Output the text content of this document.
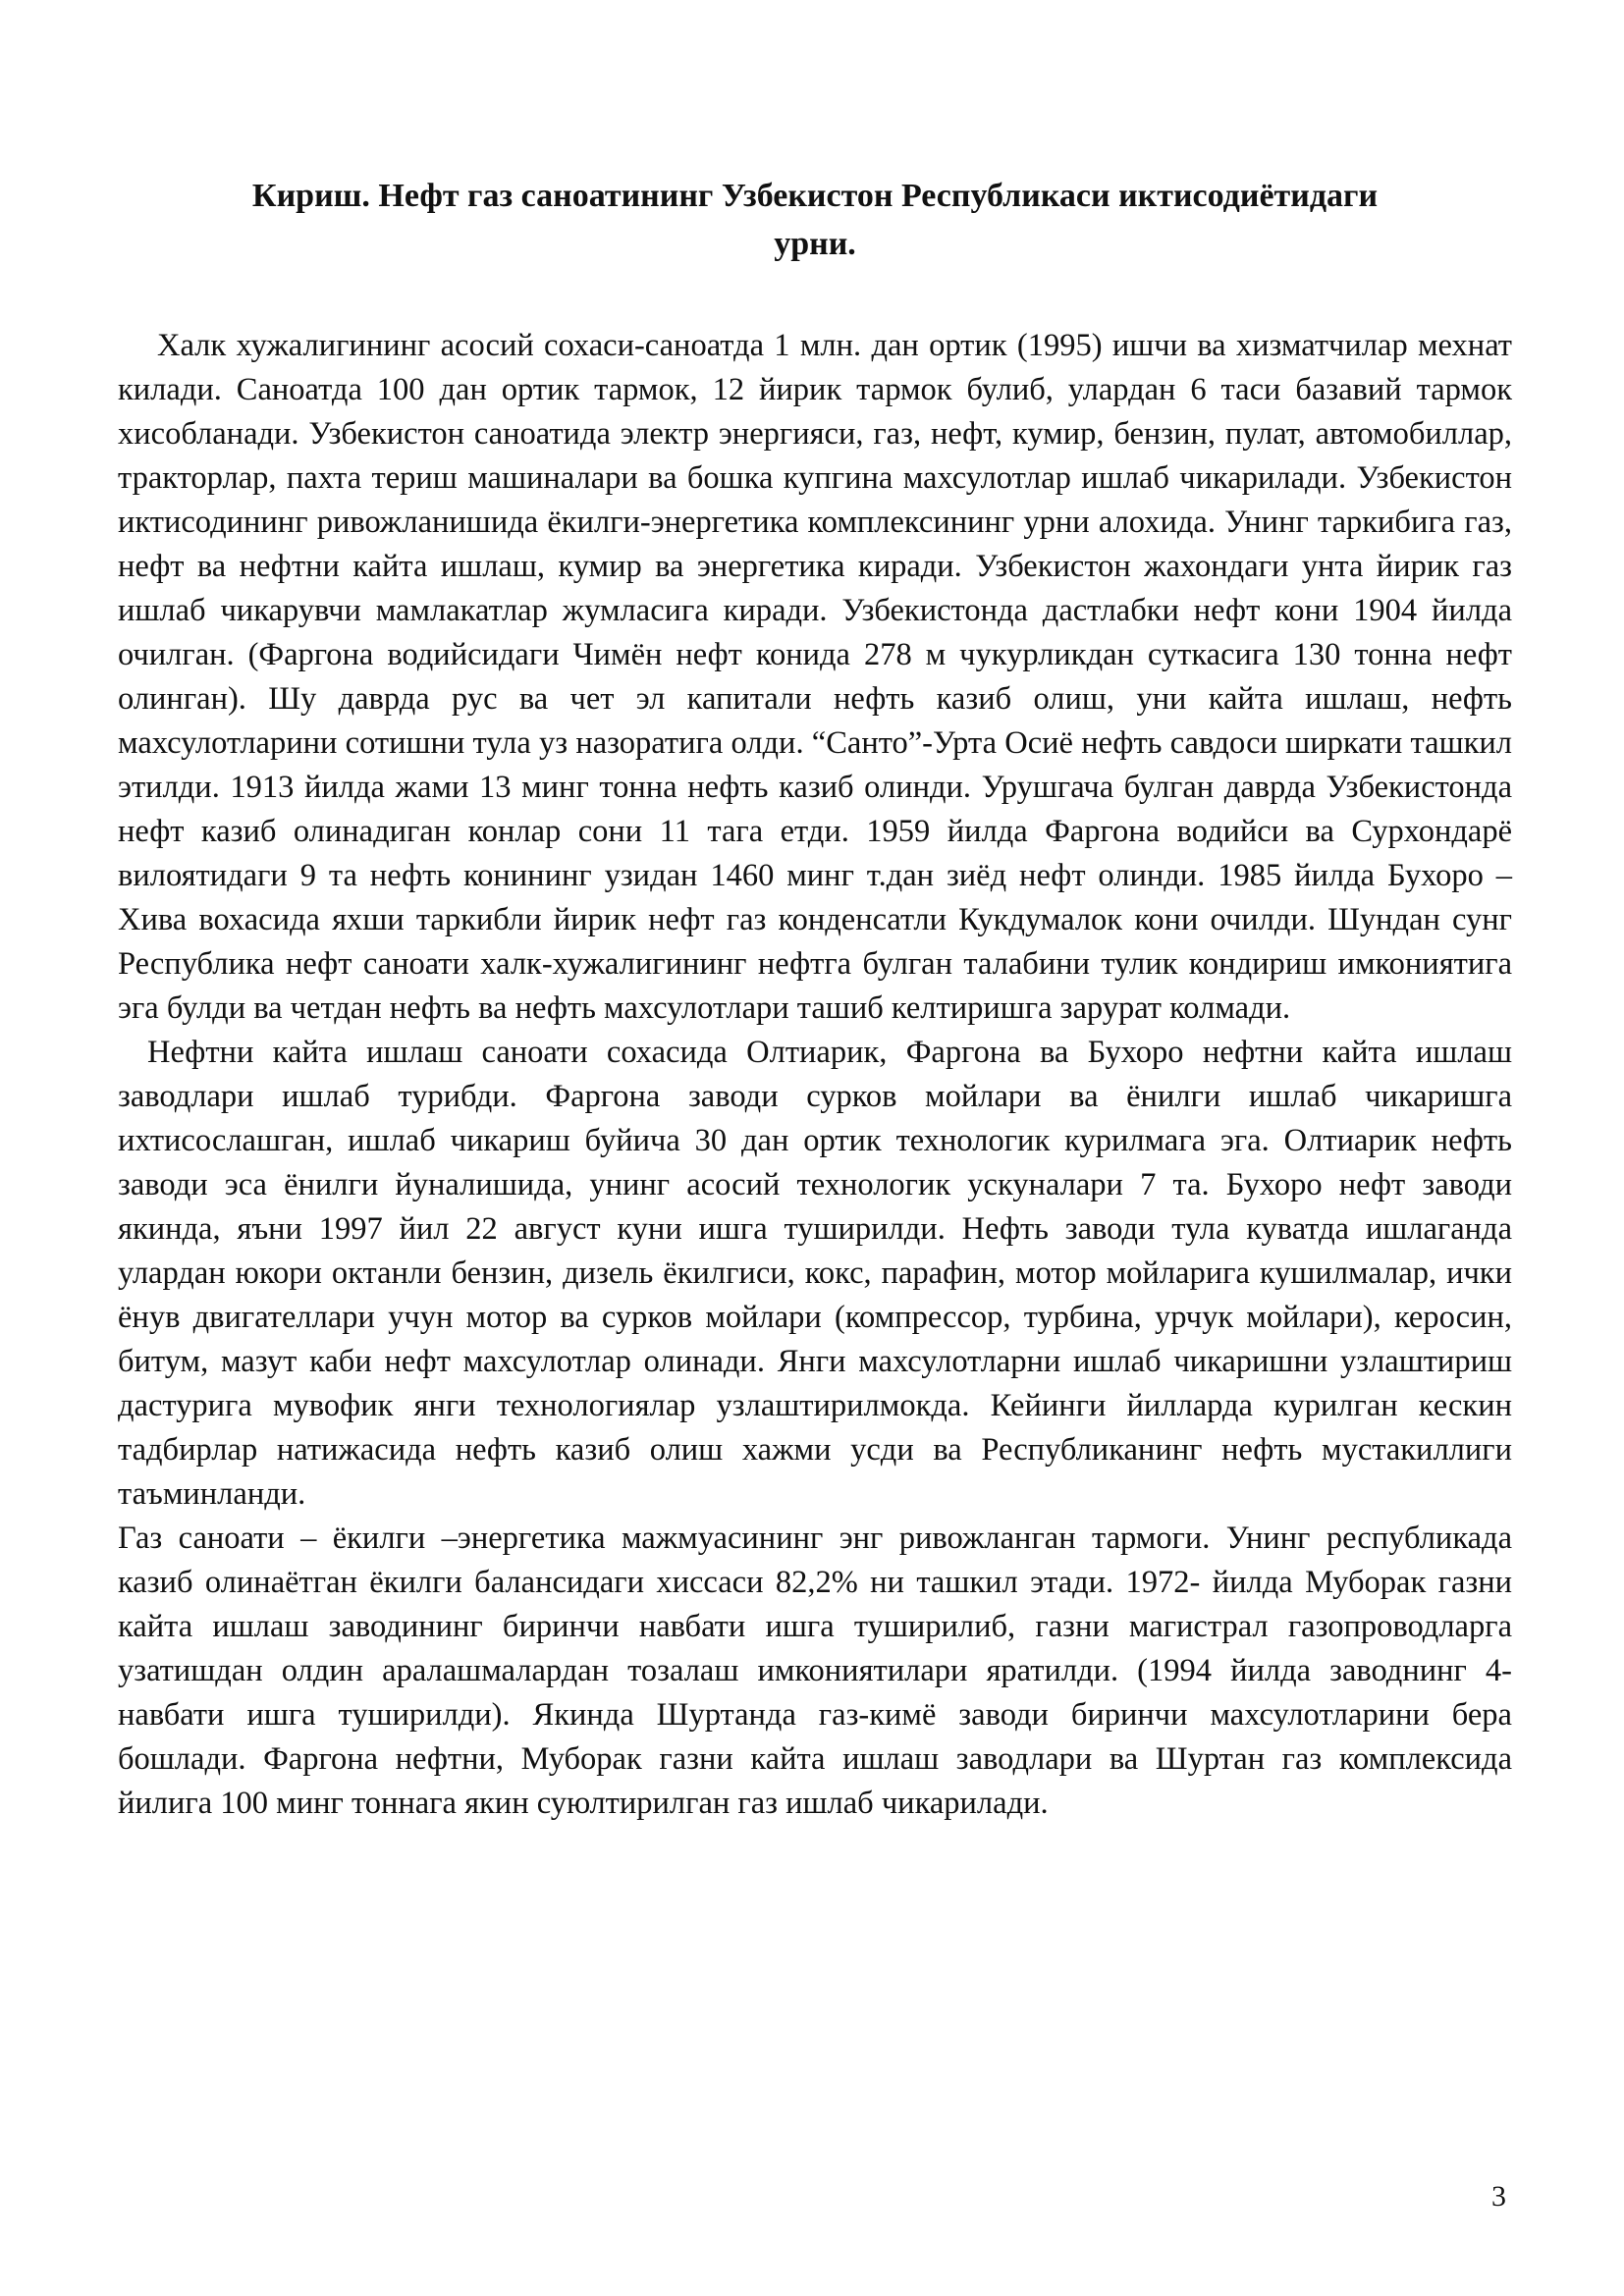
Кириш. Нефт газ саноатининг Узбекистон Республикаси иктисодиётидаги
урни.

Халк хужалигининг асосий сохаси-саноатда 1 млн. дан ортик (1995) ишчи ва хизматчилар мехнат килади. Саноатда 100 дан ортик тармок, 12 йирик тармок булиб, улардан 6 таси базавий тармок хисобланади. Узбекистон саноатида электр энергияси, газ, нефт, кумир, бензин, пулат, автомобиллар, тракторлар, пахта териш машиналари ва бошка купгина махсулотлар ишлаб чикарилади. Узбекистон иктисодининг ривожланишида ёкилги-энергетика комплексининг урни алохида. Унинг таркибига газ, нефт ва нефтни кайта ишлаш, кумир ва энергетика киради. Узбекистон жахондаги унта йирик газ ишлаб чикарувчи мамлакатлар жумласига киради. Узбекистонда дастлабки нефт кони 1904 йилда очилган. (Фаргона водийсидаги Чимён нефт конида 278 м чукурликдан суткасига 130 тонна нефт олинган). Шу даврда рус ва чет эл капитали нефть казиб олиш, уни кайта ишлаш, нефть махсулотларини сотишни тула уз назоратига олди. “Санто”-Урта Осиё нефть савдоси ширкати ташкил этилди. 1913 йилда жами 13 минг тонна нефть казиб олинди. Урушгача булган даврда Узбекистонда нефт казиб олинадиган конлар сони 11 тага етди. 1959 йилда Фаргона водийси ва Сурхондарё вилоятидаги 9 та нефть конининг узидан 1460 минг т.дан зиёд нефт олинди. 1985 йилда Бухоро – Хива вохасида яхши таркибли йирик нефт газ конденсатли Кукдумалок кони очилди. Шундан сунг Республика нефт саноати халк-хужалигининг нефтга булган талабини тулик кондириш имкониятига эга булди ва четдан нефть ва нефть махсулотлари ташиб келтиришга зарурат колмади.

Нефтни кайта ишлаш саноати сохасида Олтиарик, Фаргона ва Бухоро нефтни кайта ишлаш заводлари ишлаб турибди. Фаргона заводи сурков мойлари ва ёнилги ишлаб чикаришга ихтисослашган, ишлаб чикариш буйича 30 дан ортик технологик курилмага эга. Олтиарик нефть заводи эса ёнилги йуналишида, унинг асосий технологик ускуналари 7 та. Бухоро нефт заводи якинда, яъни 1997 йил 22 август куни ишга туширилди. Нефть заводи тула куватда ишлаганда улардан юкори октанли бензин, дизель ёкилгиси, кокс, парафин, мотор мойларига кушилмалар, ички ёнув двигателлари учун мотор ва сурков мойлари (компрессор, турбина, урчук мойлари), керосин, битум, мазут каби нефт махсулотлар олинади. Янги махсулотларни ишлаб чикаришни узлаштириш дастурига мувофик янги технологиялар узлаштирилмокда. Кейинги йилларда курилган кескин тадбирлар натижасида нефть казиб олиш хажми усди ва Республиканинг нефть мустакиллиги таъминланди.

Газ саноати – ёкилги –энергетика мажмуасининг энг ривожланган тармоги. Унинг республикада казиб олинаётган ёкилги балансидаги хиссаси 82,2% ни ташкил этади. 1972- йилда Муборак газни кайта ишлаш заводининг биринчи навбати ишга туширилиб, газни магистрал газопроводларга узатишдан олдин аралашмалардан тозалаш имкониятилари яратилди. (1994 йилда заводнинг 4-навбати ишга туширилди). Якинда Шуртанда газ-кимё заводи биринчи махсулотларини бера бошлади. Фаргона нефтни, Муборак газни кайта ишлаш заводлари ва Шуртан газ комплексида йилига 100 минг тоннага якин суюлтирилган газ ишлаб чикарилади.

3
